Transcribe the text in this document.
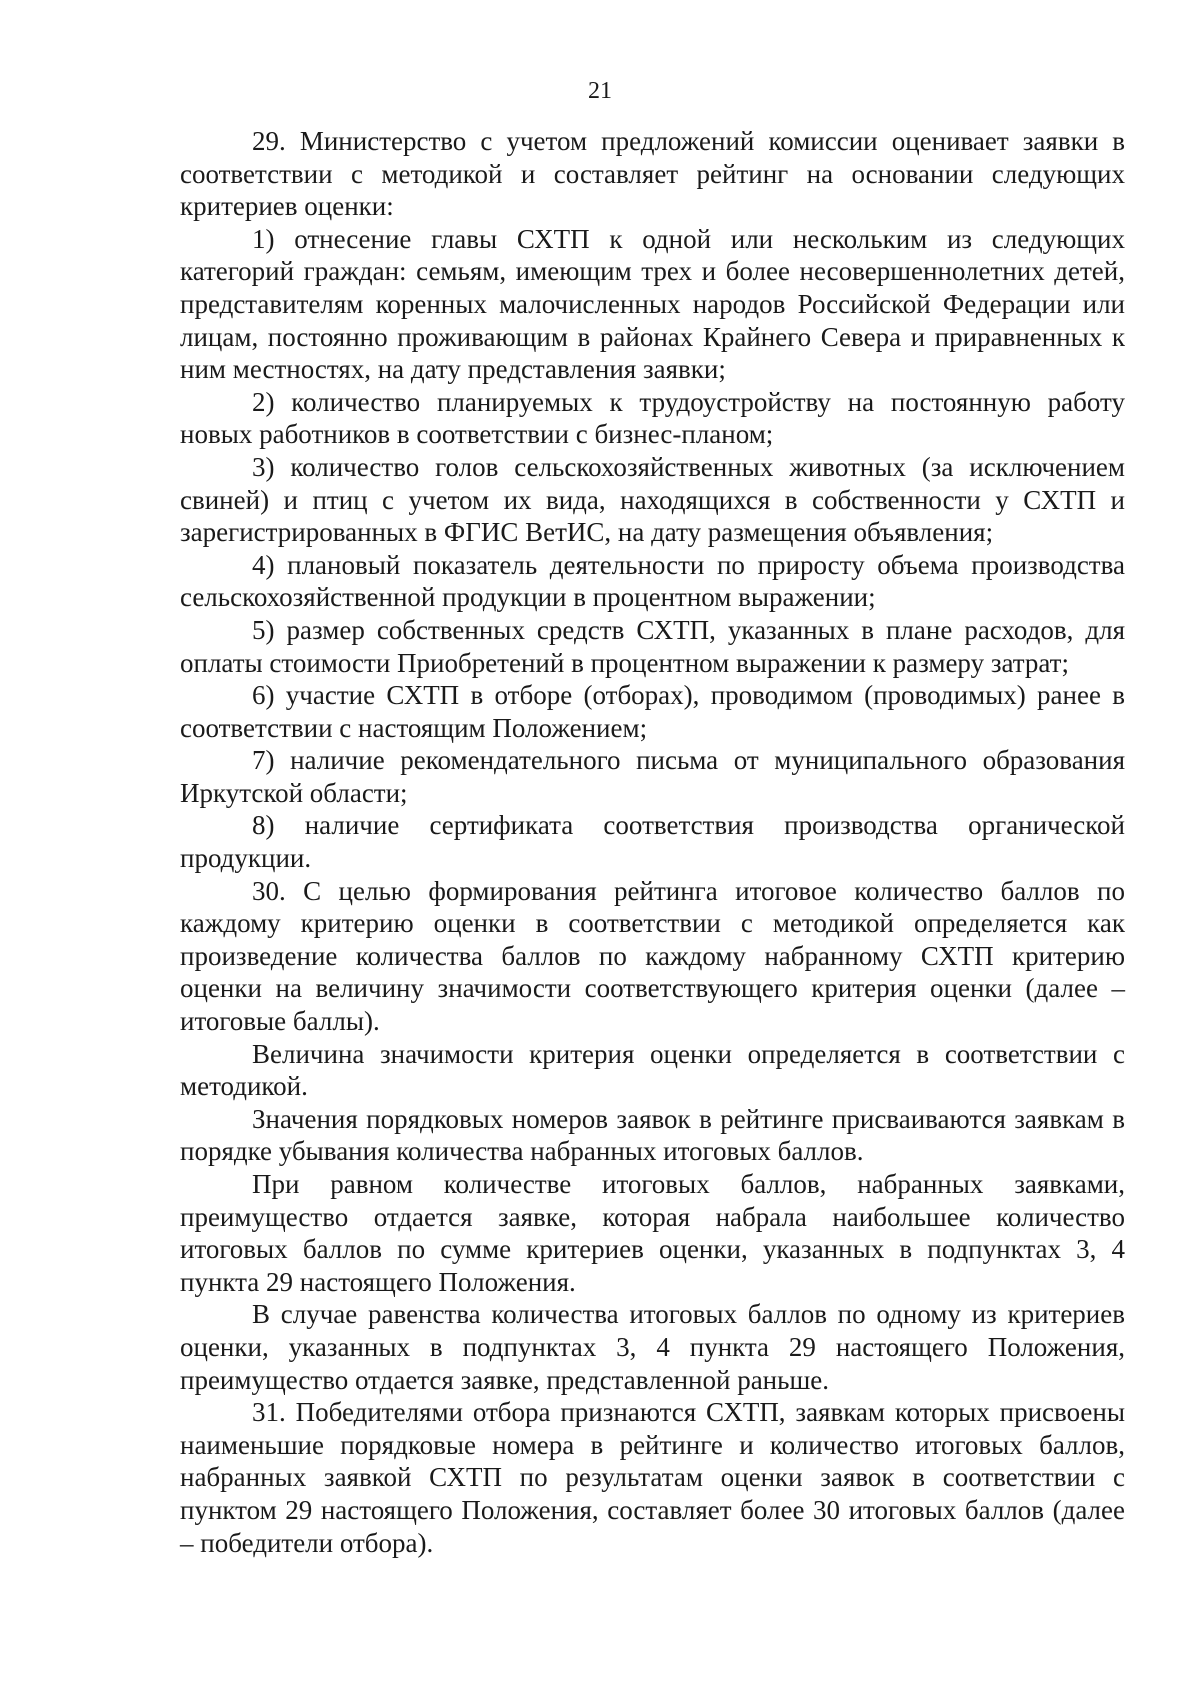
21

29. Министерство с учетом предложений комиссии оценивает заявки в соответствии с методикой и составляет рейтинг на основании следующих критериев оценки:

1) отнесение главы СХТП к одной или нескольким из следующих категорий граждан: семьям, имеющим трех и более несовершеннолетних детей, представителям коренных малочисленных народов Российской Федерации или лицам, постоянно проживающим в районах Крайнего Севера и приравненных к ним местностях, на дату представления заявки;

2) количество планируемых к трудоустройству на постоянную работу новых работников в соответствии с бизнес-планом;

3) количество голов сельскохозяйственных животных (за исключением свиней) и птиц с учетом их вида, находящихся в собственности у СХТП и зарегистрированных в ФГИС ВетИС, на дату размещения объявления;

4) плановый показатель деятельности по приросту объема производства сельскохозяйственной продукции в процентном выражении;

5) размер собственных средств СХТП, указанных в плане расходов, для оплаты стоимости Приобретений в процентном выражении к размеру затрат;

6) участие СХТП в отборе (отборах), проводимом (проводимых) ранее в соответствии с настоящим Положением;

7) наличие рекомендательного письма от муниципального образования Иркутской области;

8) наличие сертификата соответствия производства органической продукции.

30. С целью формирования рейтинга итоговое количество баллов по каждому критерию оценки в соответствии с методикой определяется как произведение количества баллов по каждому набранному СХТП критерию оценки на величину значимости соответствующего критерия оценки (далее – итоговые баллы).

Величина значимости критерия оценки определяется в соответствии с методикой.

Значения порядковых номеров заявок в рейтинге присваиваются заявкам в порядке убывания количества набранных итоговых баллов.

При равном количестве итоговых баллов, набранных заявками, преимущество отдается заявке, которая набрала наибольшее количество итоговых баллов по сумме критериев оценки, указанных в подпунктах 3, 4 пункта 29 настоящего Положения.

В случае равенства количества итоговых баллов по одному из критериев оценки, указанных в подпунктах 3, 4 пункта 29 настоящего Положения, преимущество отдается заявке, представленной раньше.

31. Победителями отбора признаются СХТП, заявкам которых присвоены наименьшие порядковые номера в рейтинге и количество итоговых баллов, набранных заявкой СХТП по результатам оценки заявок в соответствии с пунктом 29 настоящего Положения, составляет более 30 итоговых баллов (далее – победители отбора).
